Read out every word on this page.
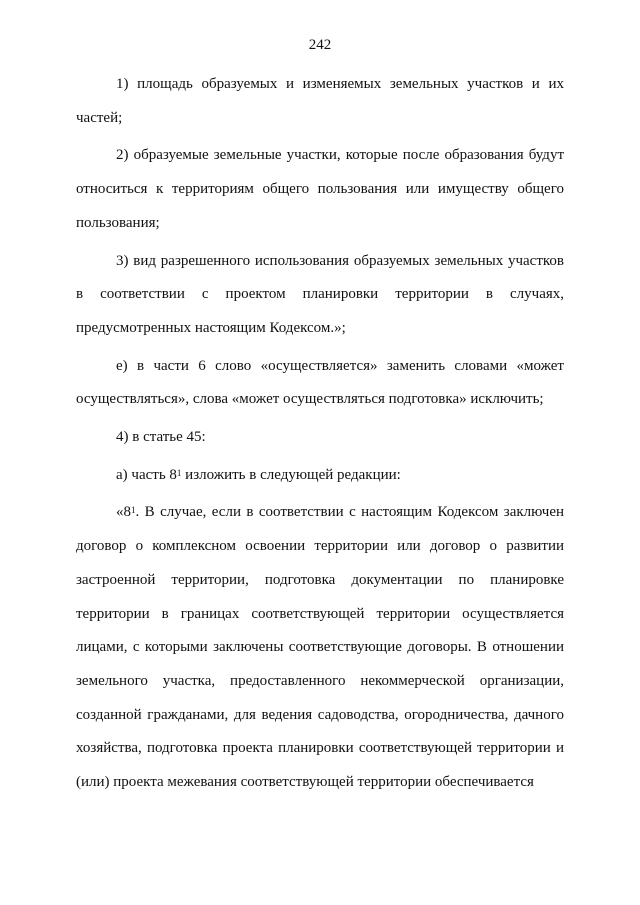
242

1) площадь образуемых и изменяемых земельных участков и их частей;

2) образуемые земельные участки, которые после образования будут относиться к территориям общего пользования или имуществу общего пользования;

3) вид разрешенного использования образуемых земельных участков в соответствии с проектом планировки территории в случаях, предусмотренных настоящим Кодексом.»;

е) в части 6 слово «осуществляется» заменить словами «может осуществляться», слова «может осуществляться подготовка» исключить;

4) в статье 45:

а) часть $8^1$ изложить в следующей редакции:

«$8^1$. В случае, если в соответствии с настоящим Кодексом заключен договор о комплексном освоении территории или договор о развитии застроенной территории, подготовка документации по планировке территории в границах соответствующей территории осуществляется лицами, с которыми заключены соответствующие договоры. В отношении земельного участка, предоставленного некоммерческой организации, созданной гражданами, для ведения садоводства, огородничества, дачного хозяйства, подготовка проекта планировки соответствующей территории и (или) проекта межевания соответствующей территории обеспечивается
